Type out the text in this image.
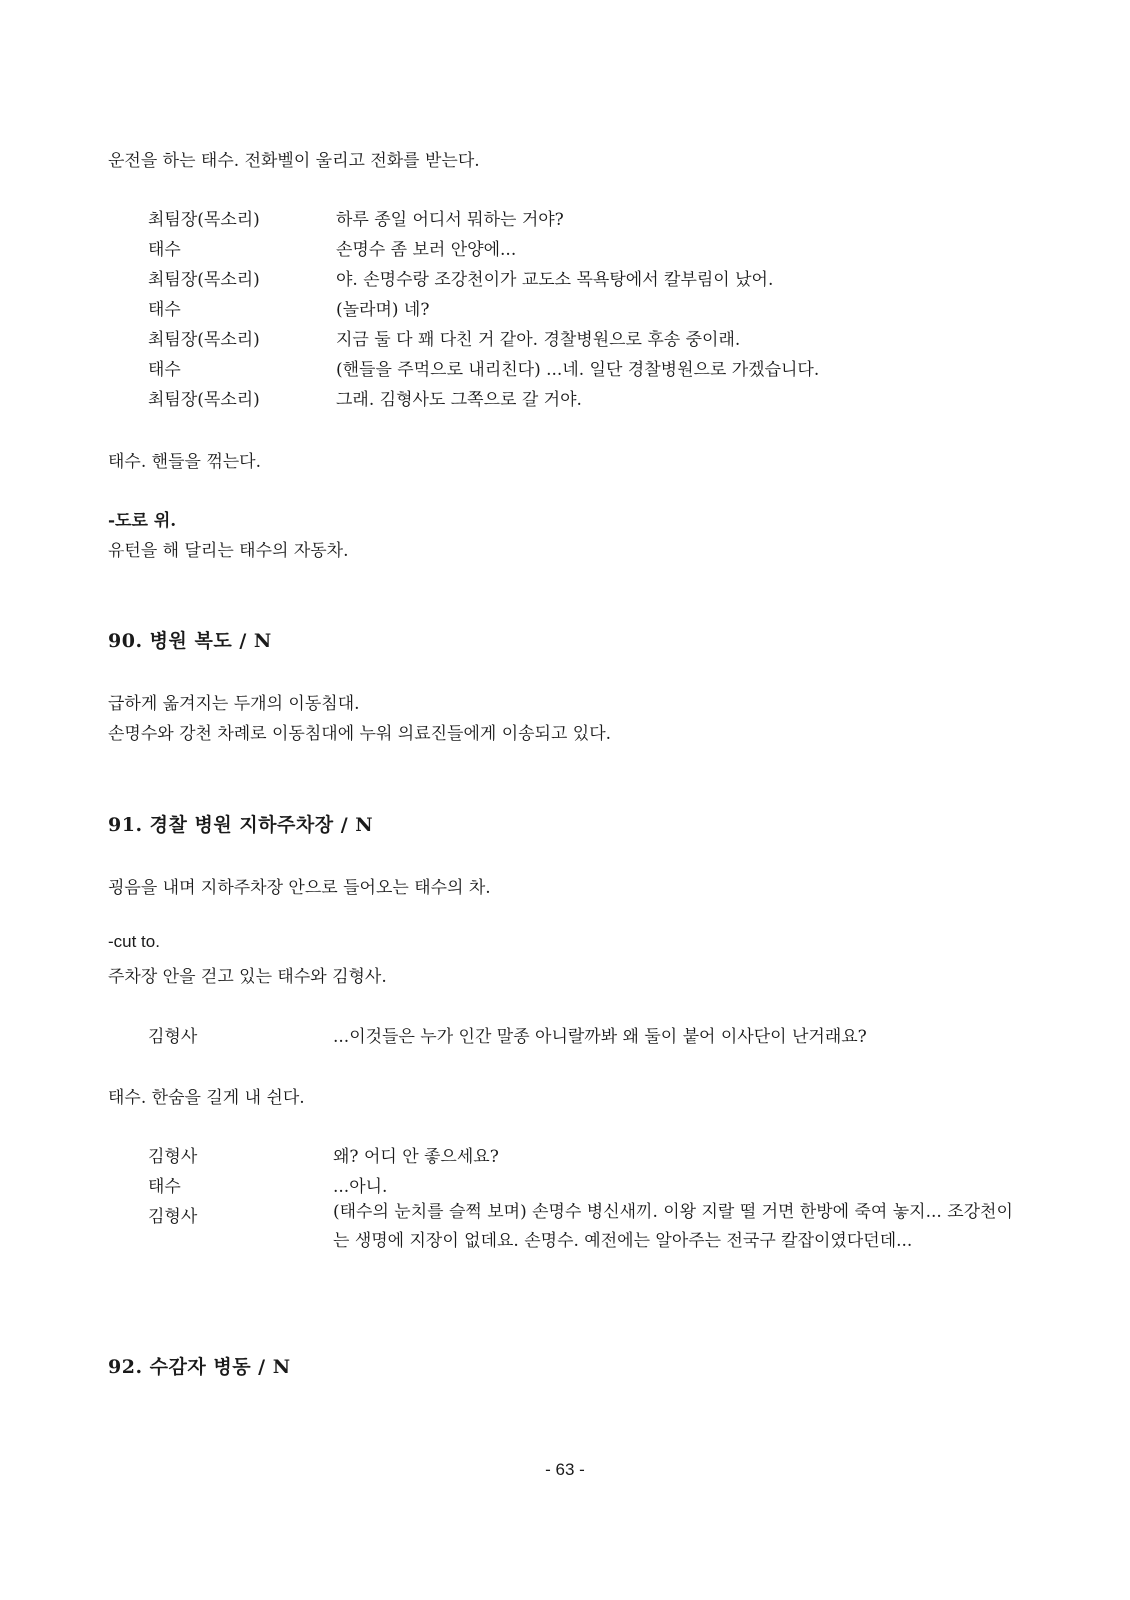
운전을 하는 태수. 전화벨이 울리고 전화를 받는다.
최팀장(목소리)	하루 종일 어디서 뭐하는 거야?
태수	손명수 좀 보러 안양에...
최팀장(목소리)	야. 손명수랑 조강천이가 교도소 목욕탕에서 칼부림이 났어.
태수	(놀라며) 네?
최팀장(목소리)	지금 둘 다 꽤 다친 거 같아. 경찰병원으로 후송 중이래.
태수	(핸들을 주먹으로 내리친다) ...네. 일단 경찰병원으로 가겠습니다.
최팀장(목소리)	그래. 김형사도 그쪽으로 갈 거야.
태수. 핸들을 꺾는다.
-도로 위.
유턴을 해 달리는 태수의 자동차.
90. 병원 복도 / N
급하게 옮겨지는 두개의 이동침대.
손명수와 강천 차례로 이동침대에 누워 의료진들에게 이송되고 있다.
91. 경찰 병원 지하주차장 / N
굉음을 내며 지하주차장 안으로 들어오는 태수의 차.
-cut to.
주차장 안을 걷고 있는 태수와 김형사.
김형사	...이것들은 누가 인간 말종 아니랄까봐 왜 둘이 붙어 이사단이 난거래요?
태수. 한숨을 길게 내 쉰다.
김형사	왜? 어디 안 좋으세요?
태수	...아니.
김형사	(태수의 눈치를 슬쩍 보며) 손명수 병신새끼. 이왕 지랄 떨 거면 한방에 죽여 놓지... 조강천이는 생명에 지장이 없데요. 손명수. 예전에는 알아주는 전국구 칼잡이였다던데...
92. 수감자 병동 / N
- 63 -
